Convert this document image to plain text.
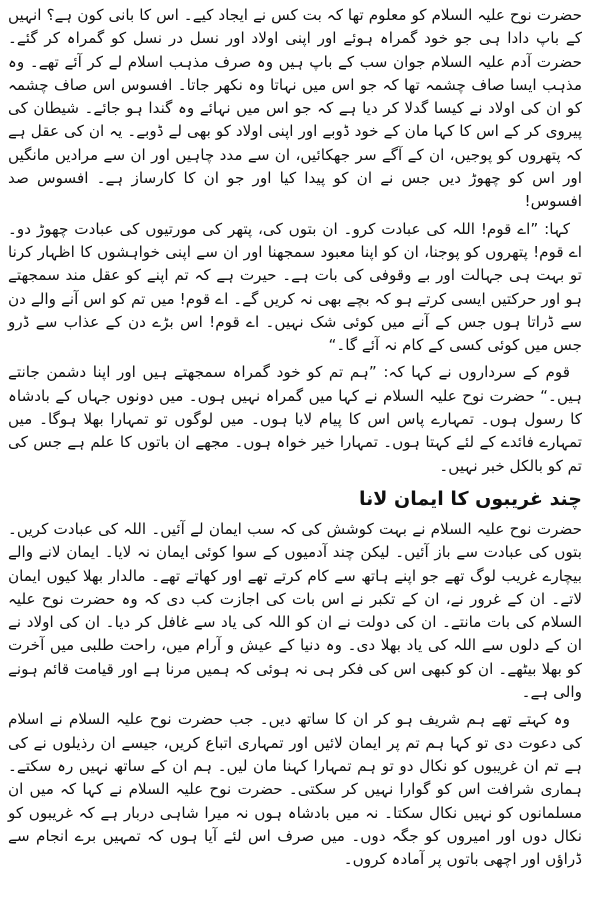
حضرت نوح علیہ السلام کو معلوم تھا کہ بت کس نے ایجاد کیے۔ اس کا بانی کون ہے؟ انہیں کے باپ دادا ہی جو خود گمراہ ہوئے اور اپنی اولاد اور نسل در نسل کو گمراہ کر گئے۔ حضرت آدم علیہ السلام جوان سب کے باپ ہیں وہ صرف مذہب اسلام لے کر آئے تھے۔ وہ مذہب ایسا صاف چشمہ تھا کہ جو اس میں نہاتا وہ نکھر جاتا۔ افسوس اس صاف چشمہ کو ان کی اولاد نے کیسا گدلا کر دیا ہے کہ جو اس میں نہائے وہ گندا ہو جائے۔ شیطان کی پیروی کر کے اس کا کہا مان کے خود ڈوبے اور اپنی اولاد کو بھی لے ڈوبے۔ یہ ان کی عقل ہے کہ پتھروں کو پوجیں، ان کے آگے سر جھکائیں، ان سے مدد چاہیں اور ان سے مرادیں مانگیں اور اس کو چھوڑ دیں جس نے ان کو پیدا کیا اور جو ان کا کارساز ہے۔ افسوس صد افسوس!

کہا: ”اے قوم! اللہ کی عبادت کرو۔ ان بتوں کی، پتھر کی مورتیوں کی عبادت چھوڑ دو۔ اے قوم! پتھروں کو پوجنا، ان کو اپنا معبود سمجھنا اور ان سے اپنی خواہشوں کا اظہار کرنا تو بہت ہی جہالت اور بے وقوفی کی بات ہے۔ حیرت ہے کہ تم اپنے کو عقل مند سمجھتے ہو اور حرکتیں ایسی کرتے ہو کہ بچے بھی نہ کریں گے۔ اے قوم! میں تم کو اس آنے والے دن سے ڈراتا ہوں جس کے آنے میں کوئی شک نہیں۔ اے قوم! اس بڑے دن کے عذاب سے ڈرو جس میں کوئی کسی کے کام نہ آئے گا۔“

قوم کے سرداروں نے کہا کہ: ”ہم تم کو خود گمراہ سمجھتے ہیں اور اپنا دشمن جانتے ہیں۔“ حضرت نوح علیہ السلام نے کہا میں گمراہ نہیں ہوں۔ میں دونوں جہاں کے بادشاہ کا رسول ہوں۔ تمہارے پاس اس کا پیام لایا ہوں۔ میں لوگوں تو تمہارا بھلا ہوگا۔ میں تمہارے فائدے کے لئے کہتا ہوں۔ تمہارا خیر خواہ ہوں۔ مجھے ان باتوں کا علم ہے جس کی تم کو بالکل خبر نہیں۔

چند غریبوں کا ایمان لانا

حضرت نوح علیہ السلام نے بہت کوشش کی کہ سب ایمان لے آئیں۔ اللہ کی عبادت کریں۔ بتوں کی عبادت سے باز آئیں۔ لیکن چند آدمیوں کے سوا کوئی ایمان نہ لایا۔ ایمان لانے والے بیچارے غریب لوگ تھے جو اپنے ہاتھ سے کام کرتے تھے اور کھاتے تھے۔ مالدار بھلا کیوں ایمان لاتے۔ ان کے غرور نے، ان کے تکبر نے اس بات کی اجازت کب دی کہ وہ حضرت نوح علیہ السلام کی بات مانتے۔ ان کی دولت نے ان کو اللہ کی یاد سے غافل کر دیا۔ ان کی اولاد نے ان کے دلوں سے اللہ کی یاد بھلا دی۔ وہ دنیا کے عیش و آرام میں، راحت طلبی میں آخرت کو بھلا بیٹھے۔ ان کو کبھی اس کی فکر ہی نہ ہوئی کہ ہمیں مرنا ہے اور قیامت قائم ہونے والی ہے۔

وہ کہتے تھے ہم شریف ہو کر ان کا ساتھ دیں۔ جب حضرت نوح علیہ السلام نے اسلام کی دعوت دی تو کہا ہم تم پر ایمان لائیں اور تمہاری اتباع کریں، جیسے ان رذیلوں نے کی ہے تم ان غریبوں کو نکال دو تو ہم تمہارا کہنا مان لیں۔ ہم ان کے ساتھ نہیں رہ سکتے۔ ہماری شرافت اس کو گوارا نہیں کر سکتی۔ حضرت نوح علیہ السلام نے کہا کہ میں ان مسلمانوں کو نہیں نکال سکتا۔ نہ میں بادشاہ ہوں نہ میرا شاہی دربار ہے کہ غریبوں کو نکال دوں اور امیروں کو جگہ دوں۔ میں صرف اس لئے آیا ہوں کہ تمہیں برے انجام سے ڈراؤں اور اچھی باتوں پر آمادہ کروں۔
